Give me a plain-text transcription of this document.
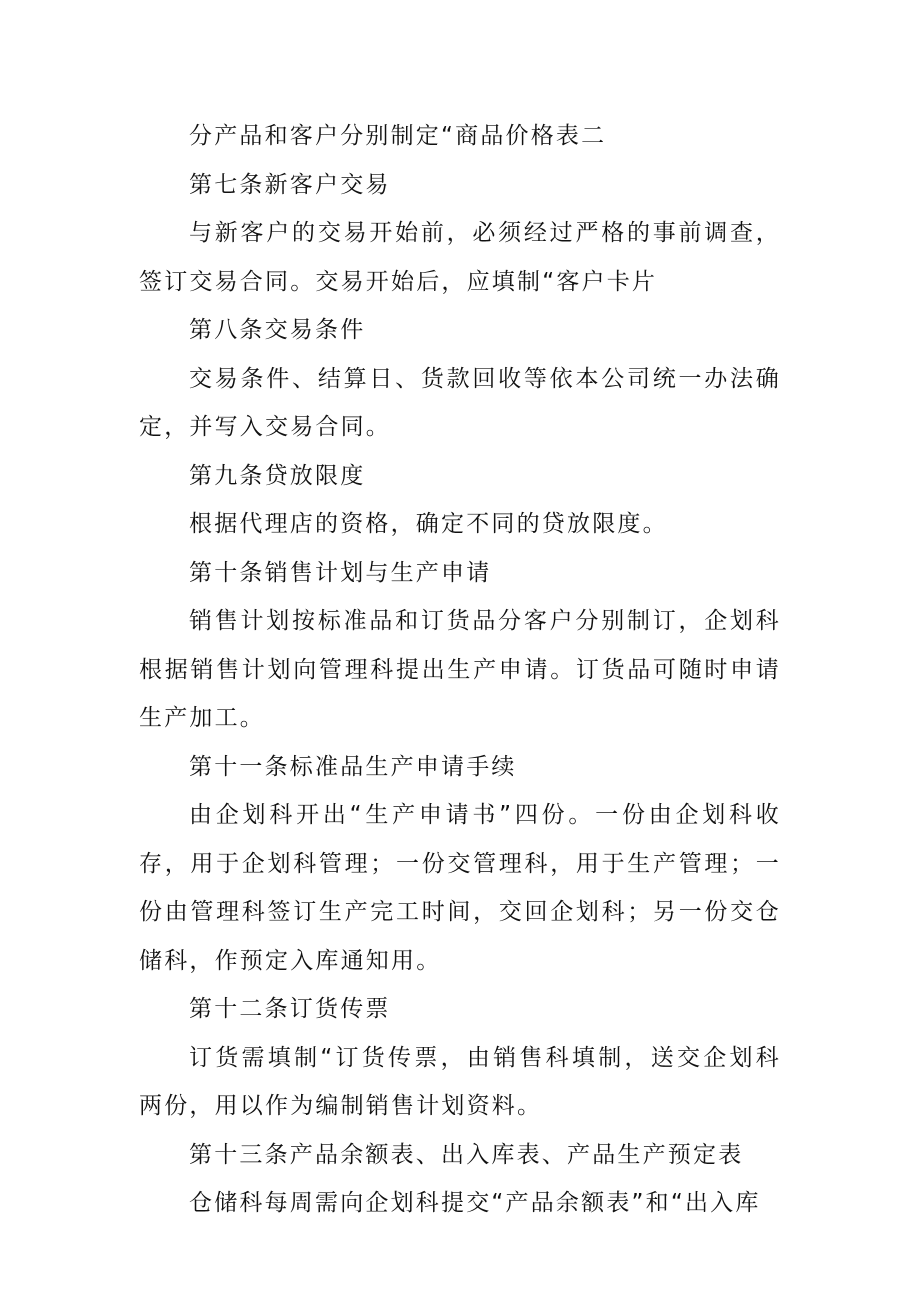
分产品和客户分别制定“商品价格表二

第七条新客户交易

与新客户的交易开始前，必须经过严格的事前调查，签订交易合同。交易开始后，应填制“客户卡片

第八条交易条件

交易条件、结算日、货款回收等依本公司统一办法确定，并写入交易合同。

第九条贷放限度

根据代理店的资格，确定不同的贷放限度。

第十条销售计划与生产申请

销售计划按标准品和订货品分客户分别制订，企划科根据销售计划向管理科提出生产申请。订货品可随时申请生产加工。

第十一条标准品生产申请手续

由企划科开出“生产申请书”四份。一份由企划科收存，用于企划科管理；一份交管理科，用于生产管理；一份由管理科签订生产完工时间，交回企划科；另一份交仓储科，作预定入库通知用。

第十二条订货传票

订货需填制“订货传票，由销售科填制，送交企划科两份，用以作为编制销售计划资料。

第十三条产品余额表、出入库表、产品生产预定表

仓储科每周需向企划科提交“产品余额表”和“出入库
